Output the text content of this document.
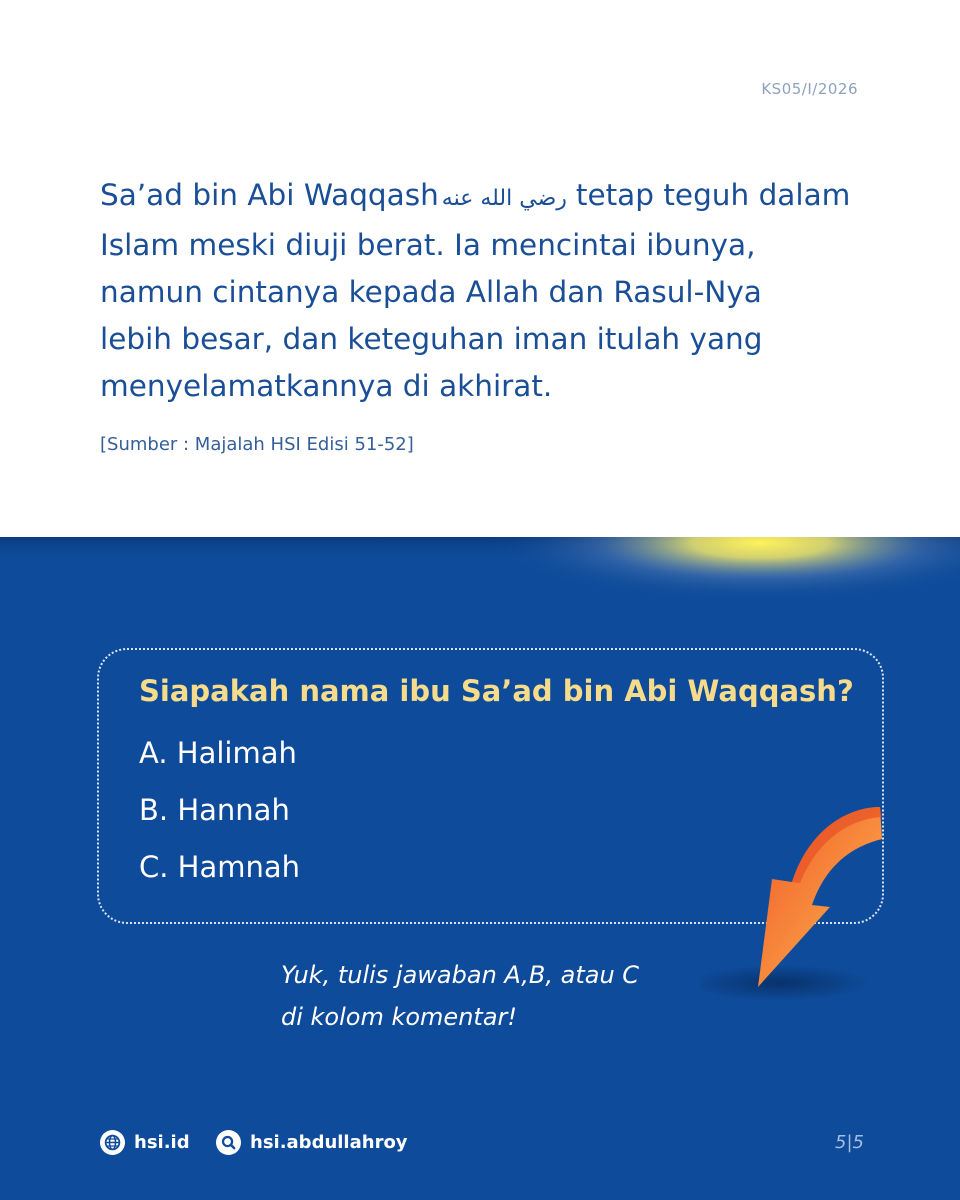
KS05/I/2026
Sa’ad bin Abi Waqqash رضي الله عنه tetap teguh dalam
Islam meski diuji berat. Ia mencintai ibunya,
namun cintanya kepada Allah dan Rasul-Nya
lebih besar, dan keteguhan iman itulah yang
menyelamatkannya di akhirat.
[Sumber : Majalah HSI Edisi 51-52]
Siapakah nama ibu Sa’ad bin Abi Waqqash?
A. Halimah
B. Hannah
C. Hamnah
Yuk, tulis jawaban A,B, atau C
di kolom komentar!
hsi.id	hsi.abdullahroy	5|5
